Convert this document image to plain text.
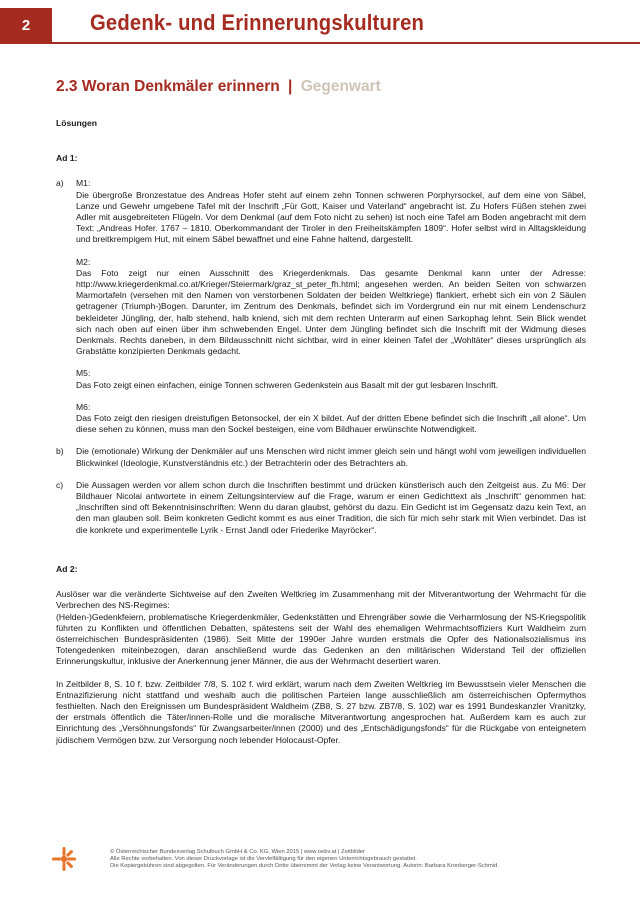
2	Gedenk- und Erinnerungskulturen
2.3 Woran Denkmäler erinnern | Gegenwart
Lösungen
Ad 1:
a)	M1:

Die übergroße Bronzestatue des Andreas Hofer steht auf einem zehn Tonnen schweren Porphyrsockel, auf dem eine von Säbel, Lanze und Gewehr umgebene Tafel mit der Inschrift „Für Gott, Kaiser und Vaterland“ angebracht ist. Zu Hofers Füßen stehen zwei Adler mit ausgebreiteten Flügeln. Vor dem Denkmal (auf dem Foto nicht zu sehen) ist noch eine Tafel am Boden angebracht mit dem Text: „Andreas Hofer. 1767 – 1810. Oberkommandant der Tiroler in den Freiheitskämpfen 1809“. Hofer selbst wird in Alltagskleidung und breitkrempigem Hut, mit einem Säbel bewaffnet und eine Fahne haltend, dargestellt.

M2:

Das Foto zeigt nur einen Ausschnitt des Kriegerdenkmals. Das gesamte Denkmal kann unter der Adresse: http://www.kriegerdenkmal.co.at/Krieger/Steiermark/graz_st_peter_fh.html; angesehen werden. An beiden Seiten von schwarzen Marmortafeln (versehen mit den Namen von verstorbenen Soldaten der beiden Weltkriege) flankiert, erhebt sich ein von 2 Säulen getragener (Triumph-)Bogen. Darunter, im Zentrum des Denkmals, befindet sich im Vordergrund ein nur mit einem Lendenschurz bekleideter Jüngling, der, halb stehend, halb kniend, sich mit dem rechten Unterarm auf einen Sarkophag lehnt. Sein Blick wendet sich nach oben auf einen über ihm schwebenden Engel. Unter dem Jüngling befindet sich die Inschrift mit der Widmung dieses Denkmals. Rechts daneben, in dem Bildausschnitt nicht sichtbar, wird in einer kleinen Tafel der „Wohltäter“ dieses ursprünglich als Grabstätte konzipierten Denkmals gedacht.

M5:

Das Foto zeigt einen einfachen, einige Tonnen schweren Gedenkstein aus Basalt mit der gut lesbaren Inschrift.

M6:

Das Foto zeigt den riesigen dreistufigen Betonsockel, der ein X bildet. Auf der dritten Ebene befindet sich die Inschrift „all alone“. Um diese sehen zu können, muss man den Sockel besteigen, eine vom Bildhauer erwünschte Notwendigkeit.

b)	Die (emotionale) Wirkung der Denkmäler auf uns Menschen wird nicht immer gleich sein und hängt wohl vom jeweiligen individuellen Blickwinkel (Ideologie, Kunstverständnis etc.) der Betrachterin oder des Betrachters ab.

c)	Die Aussagen werden vor allem schon durch die Inschriften bestimmt und drücken künstlerisch auch den Zeitgeist aus. Zu M6: Der Bildhauer Nicolai antwortete in einem Zeitungsinterview auf die Frage, warum er einen Gedichttext als „Inschrift“ genommen hat: „Inschriften sind oft Bekenntnisinschriften: Wenn du daran glaubst, gehörst du dazu. Ein Gedicht ist im Gegensatz dazu kein Text, an den man glauben soll. Beim konkreten Gedicht kommt es aus einer Tradition, die sich für mich sehr stark mit Wien verbindet. Das ist die konkrete und experimentelle Lyrik - Ernst Jandl oder Friederike Mayröcker“.

Ad 2:

Auslöser war die veränderte Sichtweise auf den Zweiten Weltkrieg im Zusammenhang mit der Mitverantwortung der Wehrmacht für die Verbrechen des NS-Regimes:

(Helden-)Gedenkfeiern, problematische Kriegerdenkmäler, Gedenkstätten und Ehrengräber sowie die Verharmlosung der NS-Kriegspolitik führten zu Konflikten und öffentlichen Debatten, spätestens seit der Wahl des ehemaligen Wehrmachtsoffiziers Kurt Waldheim zum österreichischen Bundespräsidenten (1986). Seit Mitte der 1990er Jahre wurden erstmals die Opfer des Nationalsozialismus ins Totengedenken miteinbezogen, daran anschließend wurde das Gedenken an den militärischen Widerstand Teil der offiziellen Erinnerungskultur, inklusive der Anerkennung jener Männer, die aus der Wehrmacht desertiert waren.

In Zeitbilder 8, S. 10 f. bzw. Zeitbilder 7/8, S. 102 f. wird erklärt, warum nach dem Zweiten Weltkrieg im Bewusstsein vieler Menschen die Entnazifizierung nicht stattfand und weshalb auch die politischen Parteien lange ausschließlich am österreichischen Opfermythos festhielten. Nach den Ereignissen um Bundespräsident Waldheim (ZB8, S. 27 bzw. ZB7/8, S. 102) war es 1991 Bundeskanzler Vranitzky, der erstmals öffentlich die Täter/innen-Rolle und die moralische Mitverantwortung angesprochen hat. Außerdem kam es auch zur Einrichtung des „Versöhnungsfonds“ für Zwangsarbeiter/innen (2000) und des „Entschädigungsfonds“ für die Rückgabe von enteignetem jüdischem Vermögen bzw. zur Versorgung noch lebender Holocaust-Opfer.

© Österreichischer Bundesverlag Schulbuch GmbH & Co. KG, Wien 2015 | www.oebv.at | Zeitbilder
Alle Rechte vorbehalten. Von dieser Druckvorlage ist die Vervielfältigung für den eigenen Unterrichtsgebrauch gestattet.
Die Kopiergebühren sind abgegolten. Für Veränderungen durch Dritte übernimmt der Verlag keine Verantwortung. Autorin: Barbara Kronberger-Schmid
